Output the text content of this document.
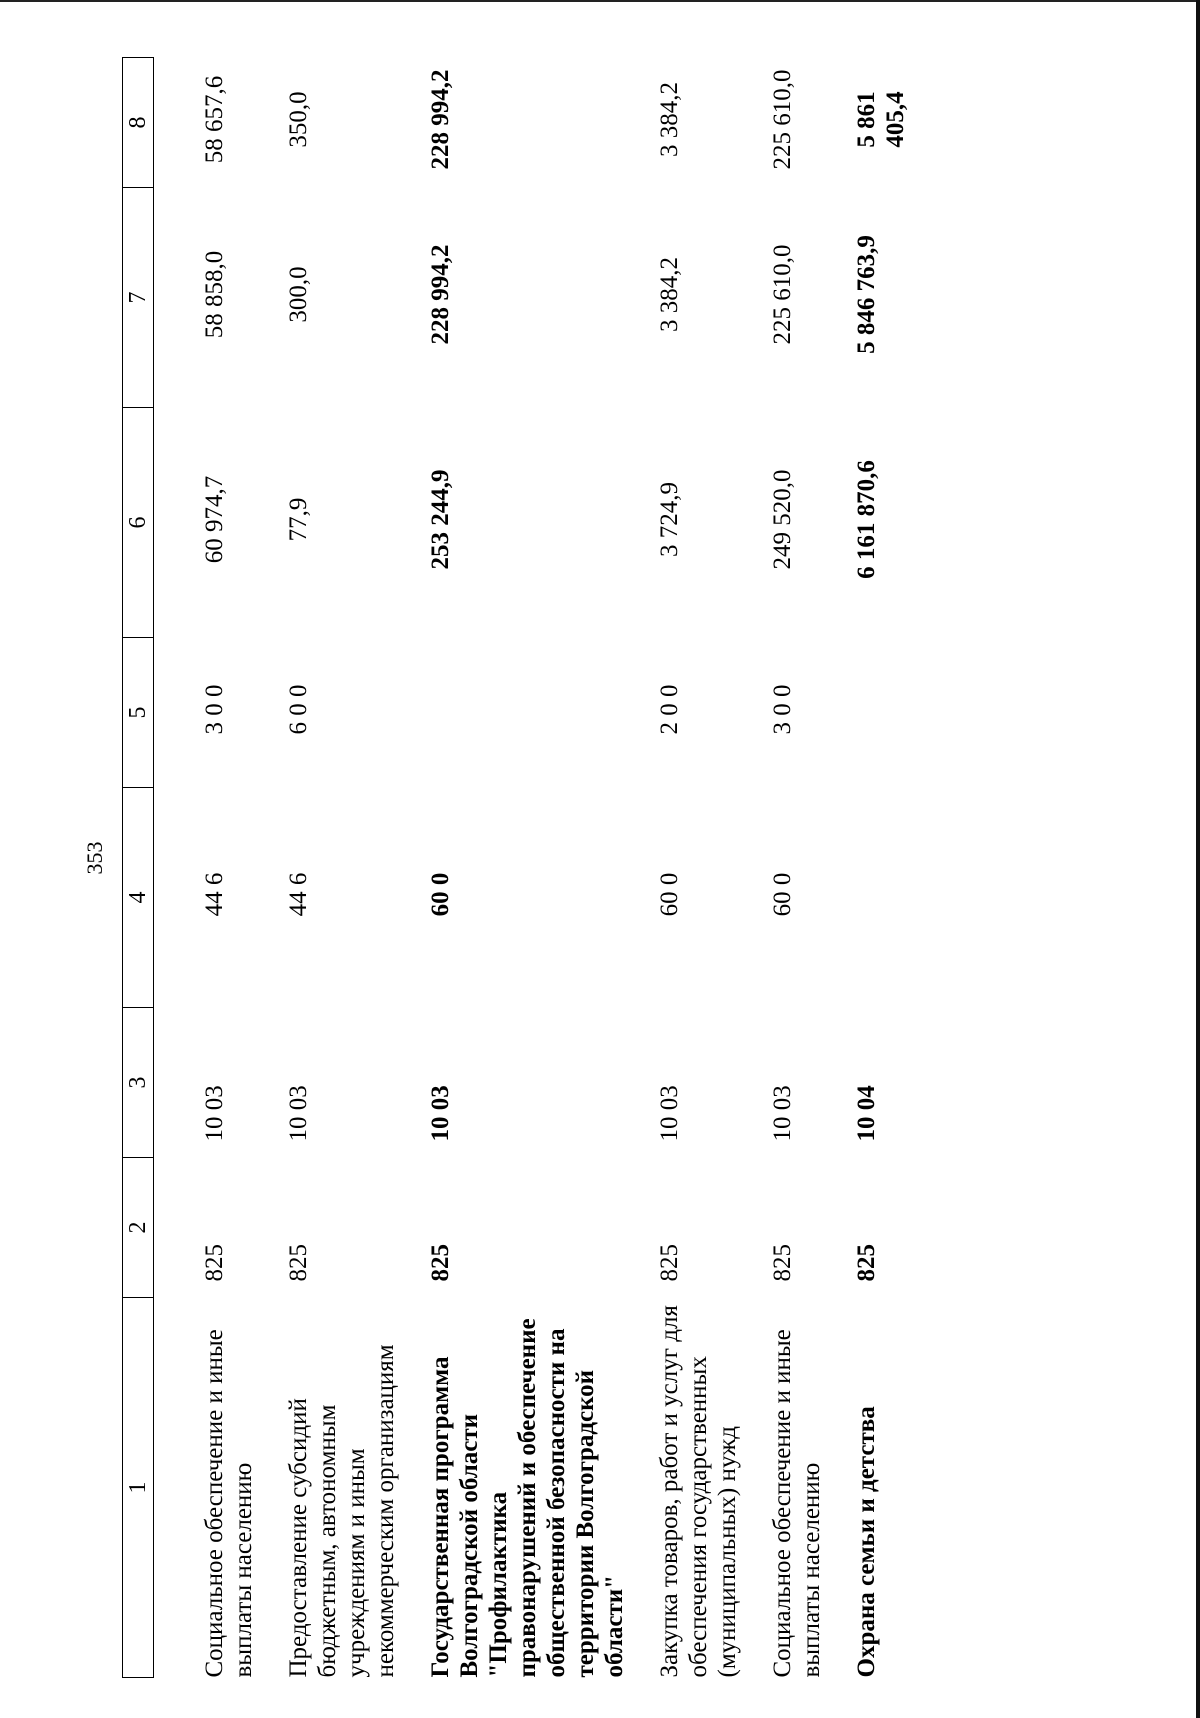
353
1	2	3	4	5	6	7	8
Социальное обеспечение и иные выплаты населению	825	10 03	44 6	3 0 0	60 974,7	58 858,0	58 657,6
Предоставление субсидий бюджетным, автономным учреждениям и иным некоммерческим организациям	825	10 03	44 6	6 0 0	77,9	300,0	350,0
Государственная программа Волгоградской области "Профилактика правонарушений и обеспечение общественной безопасности на территории Волгоградской области"	825	10 03	60 0		253 244,9	228 994,2	228 994,2
Закупка товаров, работ и услуг для обеспечения государственных (муниципальных) нужд	825	10 03	60 0	2 0 0	3 724,9	3 384,2	3 384,2
Социальное обеспечение и иные выплаты населению	825	10 03	60 0	3 0 0	249 520,0	225 610,0	225 610,0
Охрана семьи и детства	825	10 04			6 161 870,6	5 846 763,9	5 861 405,4
